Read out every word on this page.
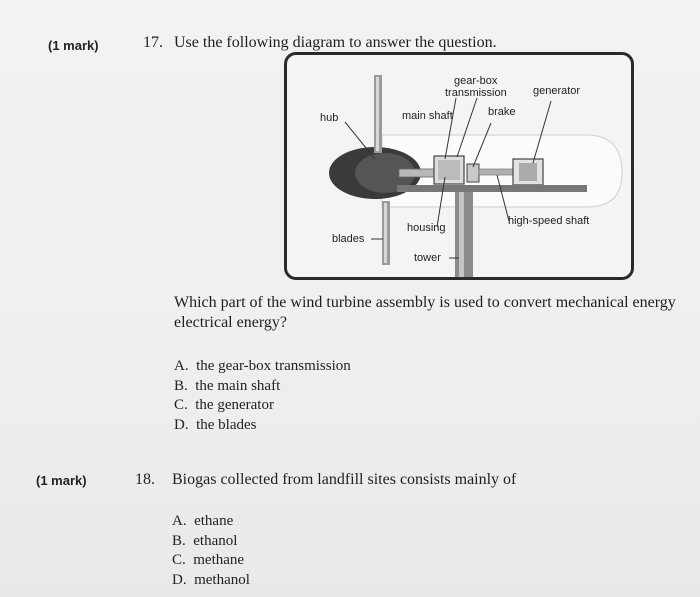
(1 mark)	17. Use the following diagram to answer the question.
gear-box
transmission generator
hub	main shaft	brake
housing
high-speed shaft
blades
tower
Which part of the wind turbine assembly is used to convert mechanical energy
electrical energy?
A. the gear-box transmission
B. the main shaft
C. the generator
D. the blades
(1 mark)	18. Biogas collected from landfill sites consists mainly of
A. ethane
B. ethanol
C. methane
D. methanol
